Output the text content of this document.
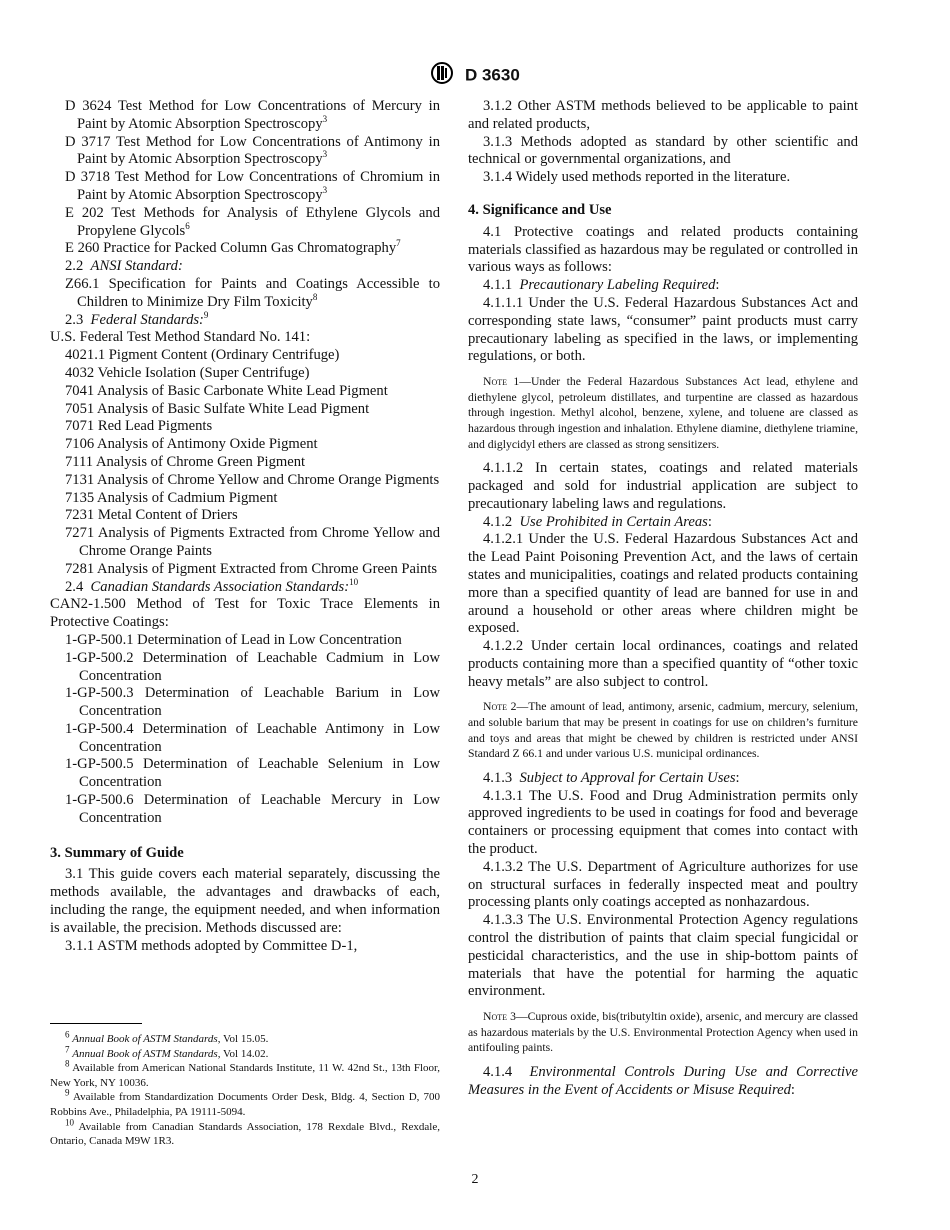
D 3630

D 3624 Test Method for Low Concentrations of Mercury in Paint by Atomic Absorption Spectroscopy$^3$

D 3717 Test Method for Low Concentrations of Antimony in Paint by Atomic Absorption Spectroscopy$^3$

D 3718 Test Method for Low Concentrations of Chromium in Paint by Atomic Absorption Spectroscopy$^3$

E 202 Test Methods for Analysis of Ethylene Glycols and Propylene Glycols$^6$

E 260 Practice for Packed Column Gas Chromatography$^7$

2.2 ANSI Standard:

Z66.1 Specification for Paints and Coatings Accessible to Children to Minimize Dry Film Toxicity$^8$

2.3 Federal Standards:$^9$

U.S. Federal Test Method Standard No. 141:

4021.1 Pigment Content (Ordinary Centrifuge)

4032 Vehicle Isolation (Super Centrifuge)

7041 Analysis of Basic Carbonate White Lead Pigment

7051 Analysis of Basic Sulfate White Lead Pigment

7071 Red Lead Pigments

7106 Analysis of Antimony Oxide Pigment

7111 Analysis of Chrome Green Pigment

7131 Analysis of Chrome Yellow and Chrome Orange Pigments

7135 Analysis of Cadmium Pigment

7231 Metal Content of Driers

7271 Analysis of Pigments Extracted from Chrome Yellow and Chrome Orange Paints

7281 Analysis of Pigment Extracted from Chrome Green Paints

2.4 Canadian Standards Association Standards:$^{10}$

CAN2-1.500 Method of Test for Toxic Trace Elements in Protective Coatings:

1-GP-500.1 Determination of Lead in Low Concentration

1-GP-500.2 Determination of Leachable Cadmium in Low Concentration

1-GP-500.3 Determination of Leachable Barium in Low Concentration

1-GP-500.4 Determination of Leachable Antimony in Low Concentration

1-GP-500.5 Determination of Leachable Selenium in Low Concentration

1-GP-500.6 Determination of Leachable Mercury in Low Concentration

3. Summary of Guide

3.1 This guide covers each material separately, discussing the methods available, the advantages and drawbacks of each, including the range, the equipment needed, and when information is available, the precision. Methods discussed are:

3.1.1 ASTM methods adopted by Committee D-1,

$^6$ Annual Book of ASTM Standards, Vol 15.05.

$^7$ Annual Book of ASTM Standards, Vol 14.02.

$^8$ Available from American National Standards Institute, 11 W. 42nd St., 13th Floor, New York, NY 10036.

$^9$ Available from Standardization Documents Order Desk, Bldg. 4, Section D, 700 Robbins Ave., Philadelphia, PA 19111-5094.

$^{10}$ Available from Canadian Standards Association, 178 Rexdale Blvd., Rexdale, Ontario, Canada M9W 1R3.

3.1.2 Other ASTM methods believed to be applicable to paint and related products,

3.1.3 Methods adopted as standard by other scientific and technical or governmental organizations, and

3.1.4 Widely used methods reported in the literature.

4. Significance and Use

4.1 Protective coatings and related products containing materials classified as hazardous may be regulated or controlled in various ways as follows:

4.1.1 Precautionary Labeling Required:

4.1.1.1 Under the U.S. Federal Hazardous Substances Act and corresponding state laws, “consumer” paint products must carry precautionary labeling as specified in the laws, or implementing regulations, or both.

Note 1—Under the Federal Hazardous Substances Act lead, ethylene and diethylene glycol, petroleum distillates, and turpentine are classed as hazardous through ingestion. Methyl alcohol, benzene, xylene, and toluene are classed as hazardous through ingestion and inhalation. Ethylene diamine, diethylene triamine, and diglycidyl ethers are classed as strong sensitizers.

4.1.1.2 In certain states, coatings and related materials packaged and sold for industrial application are subject to precautionary labeling laws and regulations.

4.1.2 Use Prohibited in Certain Areas:

4.1.2.1 Under the U.S. Federal Hazardous Substances Act and the Lead Paint Poisoning Prevention Act, and the laws of certain states and municipalities, coatings and related products containing more than a specified quantity of lead are banned for use in and around a household or other areas where children might be exposed.

4.1.2.2 Under certain local ordinances, coatings and related products containing more than a specified quantity of “other toxic heavy metals” are also subject to control.

Note 2—The amount of lead, antimony, arsenic, cadmium, mercury, selenium, and soluble barium that may be present in coatings for use on children’s furniture and toys and areas that might be chewed by children is restricted under ANSI Standard Z 66.1 and under various U.S. municipal ordinances.

4.1.3 Subject to Approval for Certain Uses:

4.1.3.1 The U.S. Food and Drug Administration permits only approved ingredients to be used in coatings for food and beverage containers or processing equipment that comes into contact with the product.

4.1.3.2 The U.S. Department of Agriculture authorizes for use on structural surfaces in federally inspected meat and poultry processing plants only coatings accepted as nonhazardous.

4.1.3.3 The U.S. Environmental Protection Agency regulations control the distribution of paints that claim special fungicidal or pesticidal characteristics, and the use in ship-bottom paints of materials that have the potential for harming the aquatic environment.

Note 3—Cuprous oxide, bis(tributyltin oxide), arsenic, and mercury are classed as hazardous materials by the U.S. Environmental Protection Agency when used in antifouling paints.

4.1.4 Environmental Controls During Use and Corrective Measures in the Event of Accidents or Misuse Required:

2
